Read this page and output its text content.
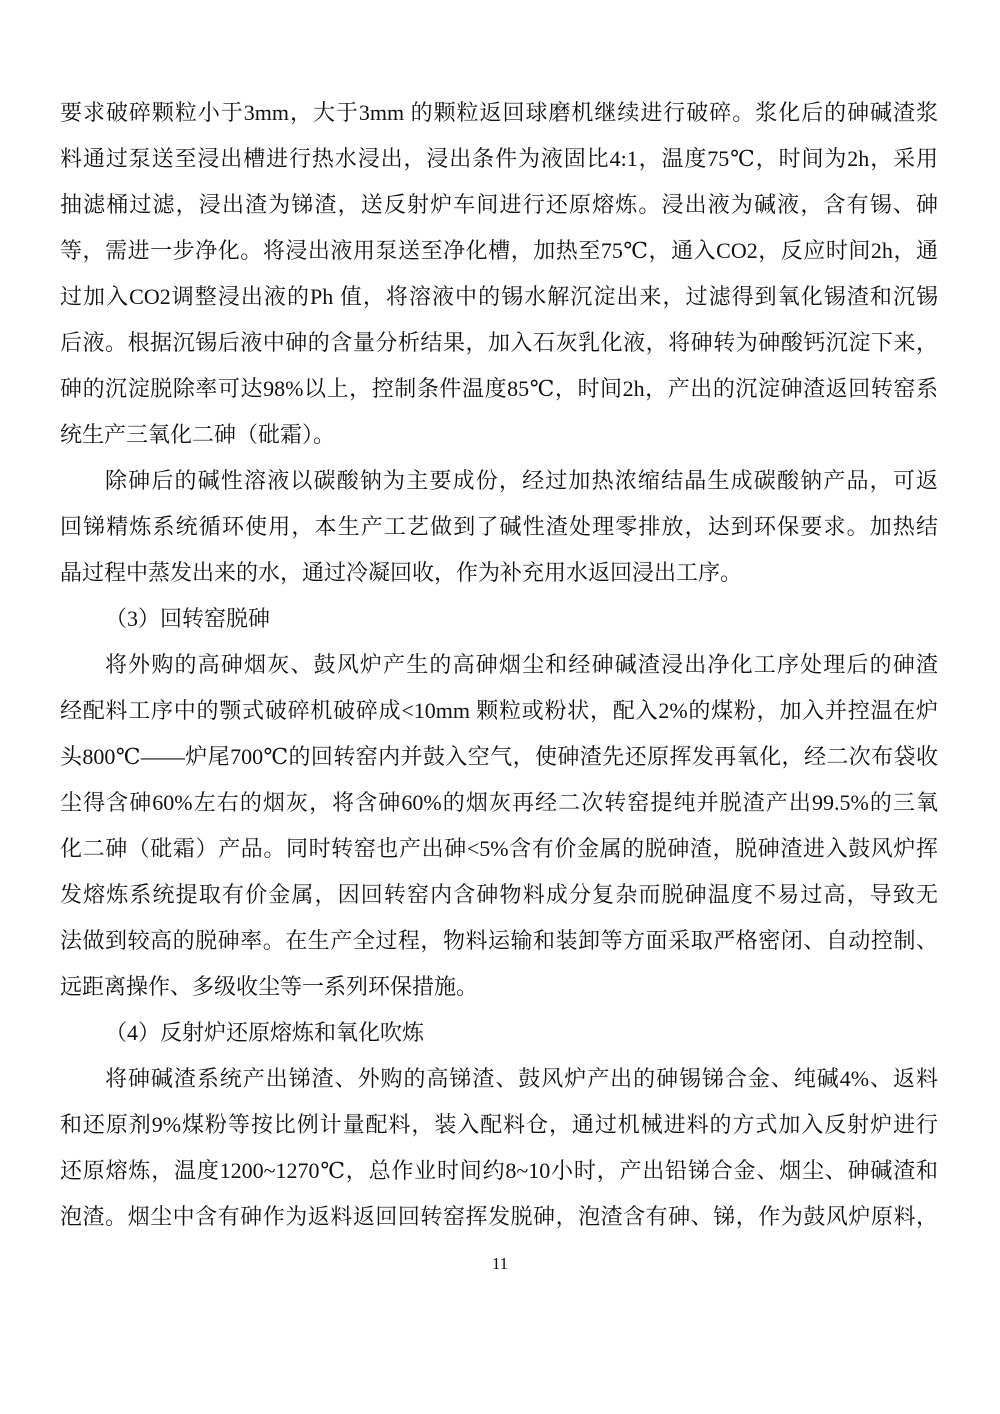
要求破碎颗粒小于3mm，大于3mm 的颗粒返回球磨机继续进行破碎。浆化后的砷碱渣浆
料通过泵送至浸出槽进行热水浸出，浸出条件为液固比4:1，温度75℃，时间为2h，采用
抽滤桶过滤，浸出渣为锑渣，送反射炉车间进行还原熔炼。浸出液为碱液，含有锡、砷
等，需进一步净化。将浸出液用泵送至净化槽，加热至75℃，通入CO2，反应时间2h，通
过加入CO2调整浸出液的Ph 值，将溶液中的锡水解沉淀出来，过滤得到氧化锡渣和沉锡
后液。根据沉锡后液中砷的含量分析结果，加入石灰乳化液，将砷转为砷酸钙沉淀下来，
砷的沉淀脱除率可达98%以上，控制条件温度85℃，时间2h，产出的沉淀砷渣返回转窑系
统生产三氧化二砷（砒霜）。
除砷后的碱性溶液以碳酸钠为主要成份，经过加热浓缩结晶生成碳酸钠产品，可返
回锑精炼系统循环使用，本生产工艺做到了碱性渣处理零排放，达到环保要求。加热结
晶过程中蒸发出来的水，通过冷凝回收，作为补充用水返回浸出工序。
（3）回转窑脱砷
将外购的高砷烟灰、鼓风炉产生的高砷烟尘和经砷碱渣浸出净化工序处理后的砷渣
经配料工序中的颚式破碎机破碎成<10mm 颗粒或粉状，配入2%的煤粉，加入并控温在炉
头800℃——炉尾700℃的回转窑内并鼓入空气，使砷渣先还原挥发再氧化，经二次布袋收
尘得含砷60%左右的烟灰，将含砷60%的烟灰再经二次转窑提纯并脱渣产出99.5%的三氧
化二砷（砒霜）产品。同时转窑也产出砷<5%含有价金属的脱砷渣，脱砷渣进入鼓风炉挥
发熔炼系统提取有价金属，因回转窑内含砷物料成分复杂而脱砷温度不易过高，导致无
法做到较高的脱砷率。在生产全过程，物料运输和装卸等方面采取严格密闭、自动控制、
远距离操作、多级收尘等一系列环保措施。
（4）反射炉还原熔炼和氧化吹炼
将砷碱渣系统产出锑渣、外购的高锑渣、鼓风炉产出的砷锡锑合金、纯碱4%、返料
和还原剂9%煤粉等按比例计量配料，装入配料仓，通过机械进料的方式加入反射炉进行
还原熔炼，温度1200~1270℃，总作业时间约8~10小时，产出铅锑合金、烟尘、砷碱渣和
泡渣。烟尘中含有砷作为返料返回回转窑挥发脱砷，泡渣含有砷、锑，作为鼓风炉原料，
11
